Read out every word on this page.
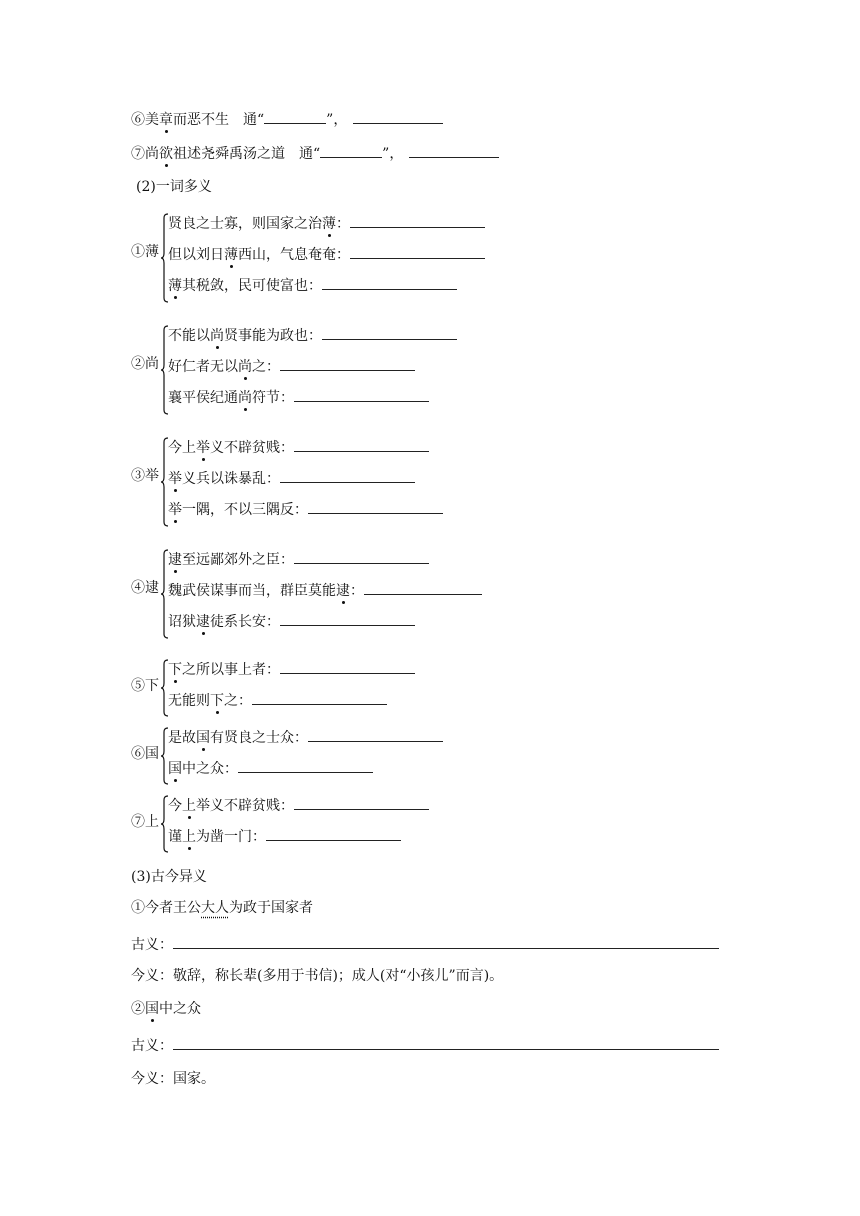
⑥美章而恶不生　通“	”，
⑦尚欲祖述尧舜禹汤之道　通“	”，
(2)一词多义
①薄
贤良之士寡，则国家之治薄：
但以刘日薄西山，气息奄奄：
薄其税敛，民可使富也：
②尚
不能以尚贤事能为政也：
好仁者无以尚之：
襄平侯纪通尚符节：
③举
今上举义不辟贫贱：
举义兵以诛暴乱：
举一隅，不以三隅反：
④逮
逮至远鄙郊外之臣：
魏武侯谋事而当，群臣莫能逮：
诏狱逮徒系长安：
⑤下
下之所以事上者：
无能则下之：
⑥国
是故国有贤良之士众：
国中之众：
⑦上
今上举义不辟贫贱：
谨上为凿一门：
(3)古今异义
①今者王公大人为政于国家者
古义：
今义：敬辞，称长辈(多用于书信)；成人(对“小孩儿”而言)。
②国中之众
古义：
今义：国家。
